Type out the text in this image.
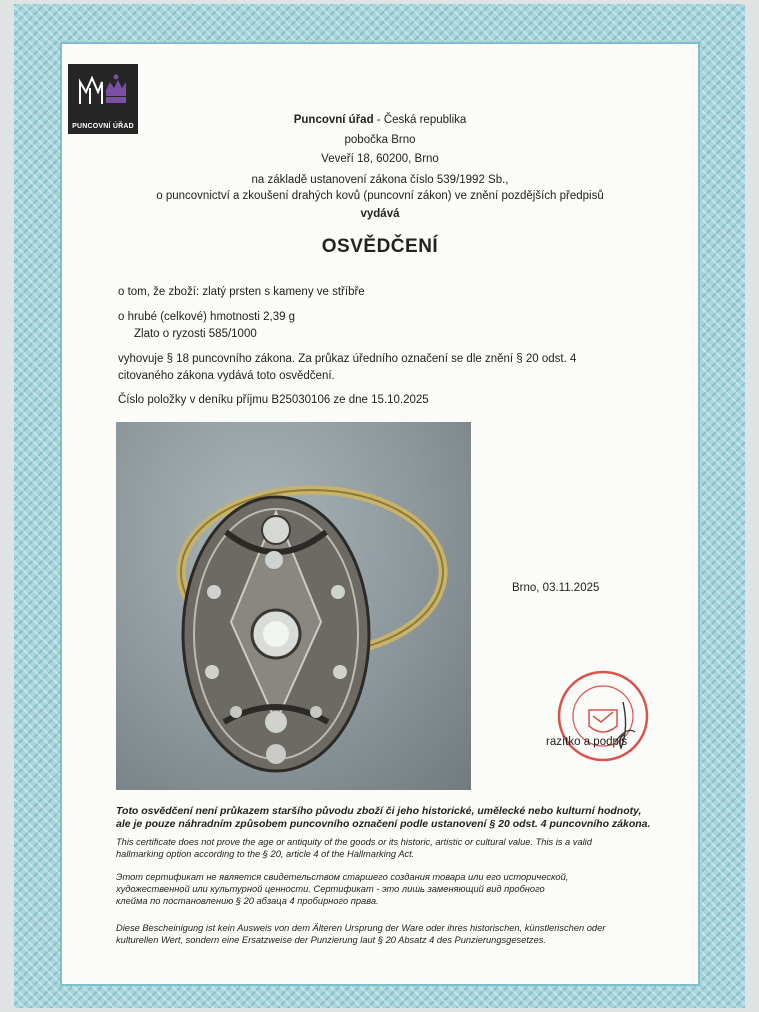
PUNCOVNÍ ÚŘAD
Puncovní úřad - Česká republika
pobočka Brno
Veveří 18, 60200, Brno
na základě ustanovení zákona číslo 539/1992 Sb.,
o puncovnictví a zkoušení drahých kovů (puncovní zákon) ve znění pozdějších předpisů
vydává
OSVĚDČENÍ
o tom, že zboží: zlatý prsten s kameny ve stříbře
o hrubé (celkové) hmotnosti 2,39 g
Zlato o ryzosti 585/1000
vyhovuje § 18 puncovního zákona. Za průkaz úředního označení se dle znění § 20 odst. 4
citovaného zákona vydává toto osvědčení.
Číslo položky v deníku příjmu B25030106 ze dne 15.10.2025
Brno, 03.11.2025
razítko a podpis
Toto osvědčení není průkazem staršího původu zboží či jeho historické, umělecké nebo kulturní hodnoty,
ale je pouze náhradním způsobem puncovního označení podle ustanovení § 20 odst. 4 puncovního zákona.
This certificate does not prove the age or antiquity of the goods or its historic, artistic or cultural value. This is a valid
hallmarking option according to the § 20, article 4 of the Hallmarking Act.
Этот сертификат не является свидетельством старшего создания товара или его исторической,
художественной или культурной ценности. Сертификат - это лишь заменяющий вид пробного
клейма по постановлению § 20 абзаца 4 пробирного права.
Diese Bescheinigung ist kein Ausweis von dem Älteren Ursprung der Ware oder ihres historischen, künstlerischen oder
kulturellen Wert, sondern eine Ersatzweise der Punzierung laut § 20 Absatz 4 des Punzierungsgesetzes.
